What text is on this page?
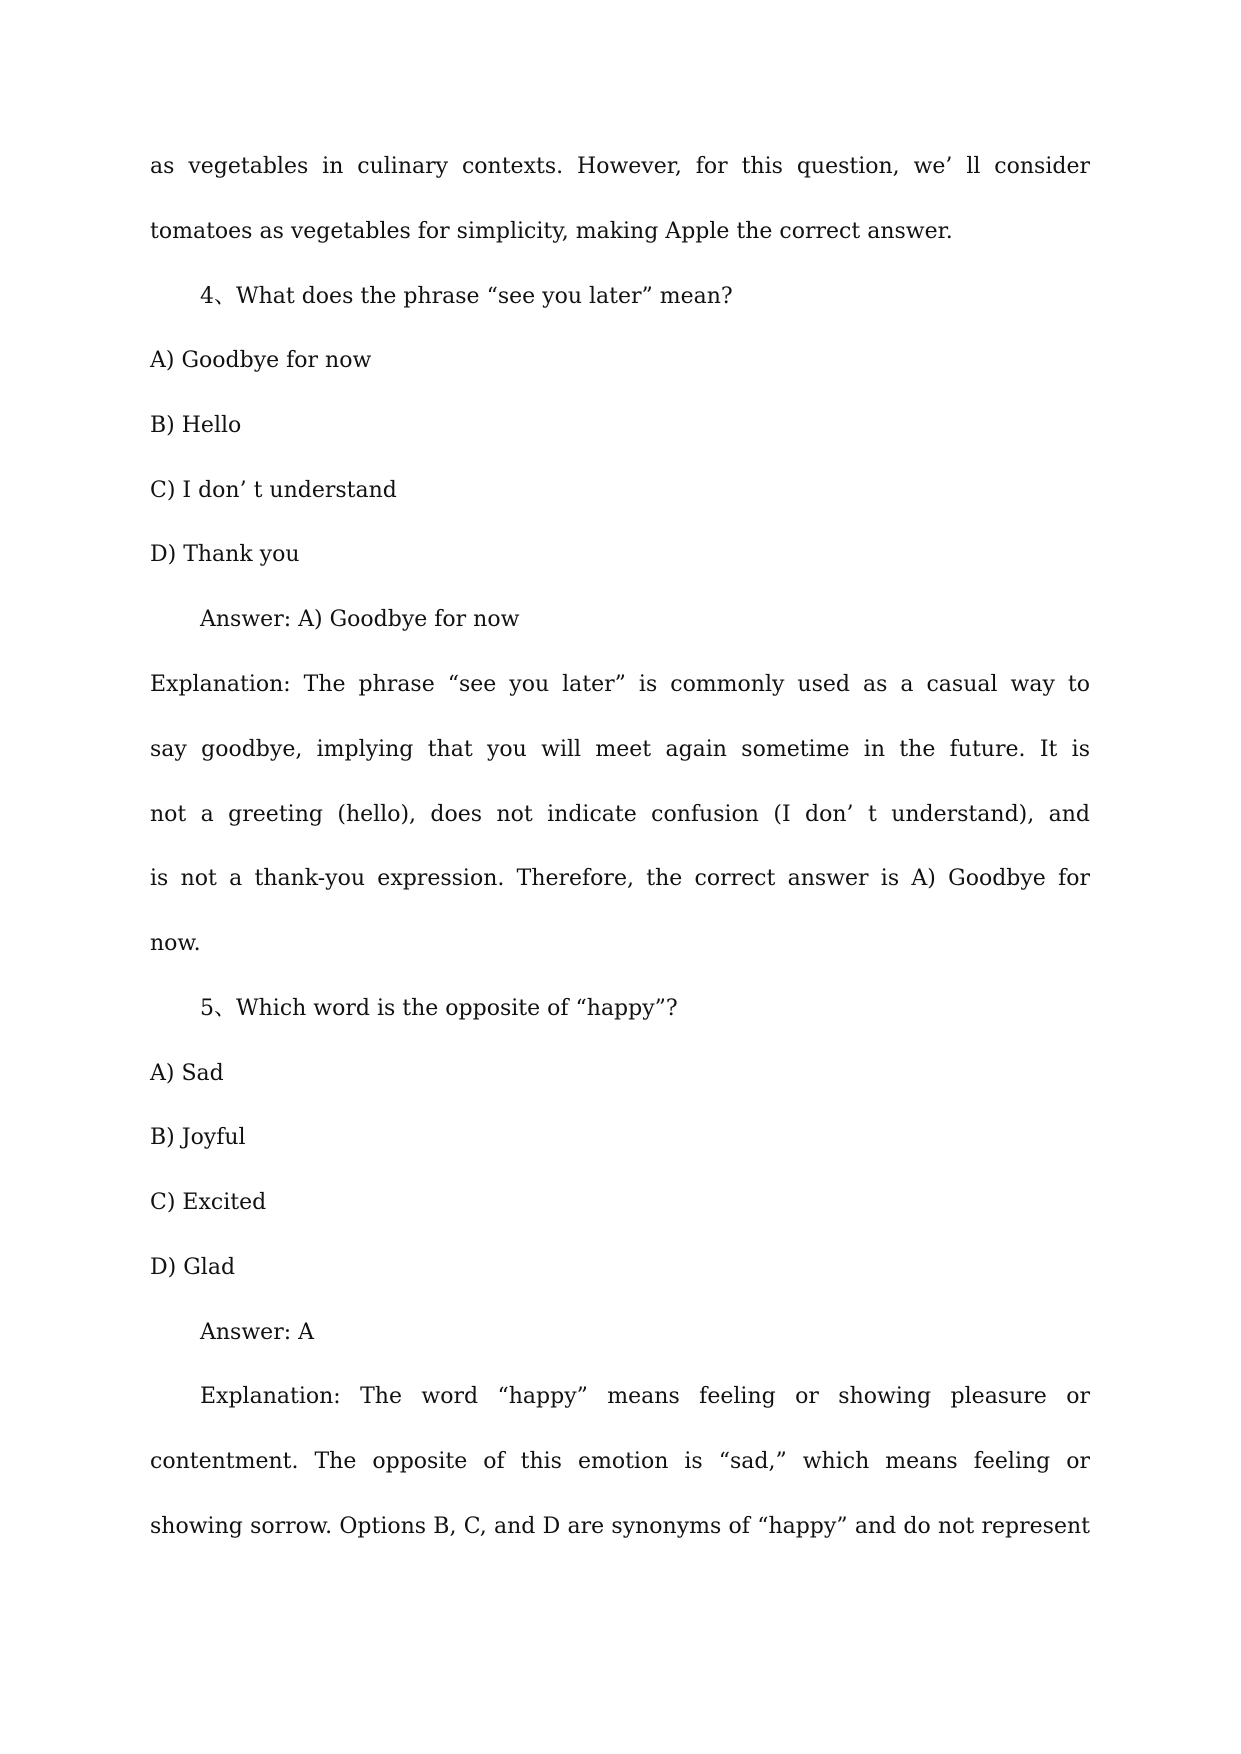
as vegetables in culinary contexts. However, for this question, we’ ll consider
tomatoes as vegetables for simplicity, making Apple the correct answer.
4、What does the phrase “see you later” mean?
A) Goodbye for now
B) Hello
C) I don’ t understand
D) Thank you
Answer: A) Goodbye for now
Explanation: The phrase “see you later” is commonly used as a casual way to
say goodbye, implying that you will meet again sometime in the future. It is
not a greeting (hello), does not indicate confusion (I don’ t understand), and
is not a thank-you expression. Therefore, the correct answer is A) Goodbye for
now.
5、Which word is the opposite of “happy”?
A) Sad
B) Joyful
C) Excited
D) Glad
Answer: A
Explanation: The word “happy” means feeling or showing pleasure or
contentment. The opposite of this emotion is “sad,” which means feeling or
showing sorrow. Options B, C, and D are synonyms of “happy” and do not represent
